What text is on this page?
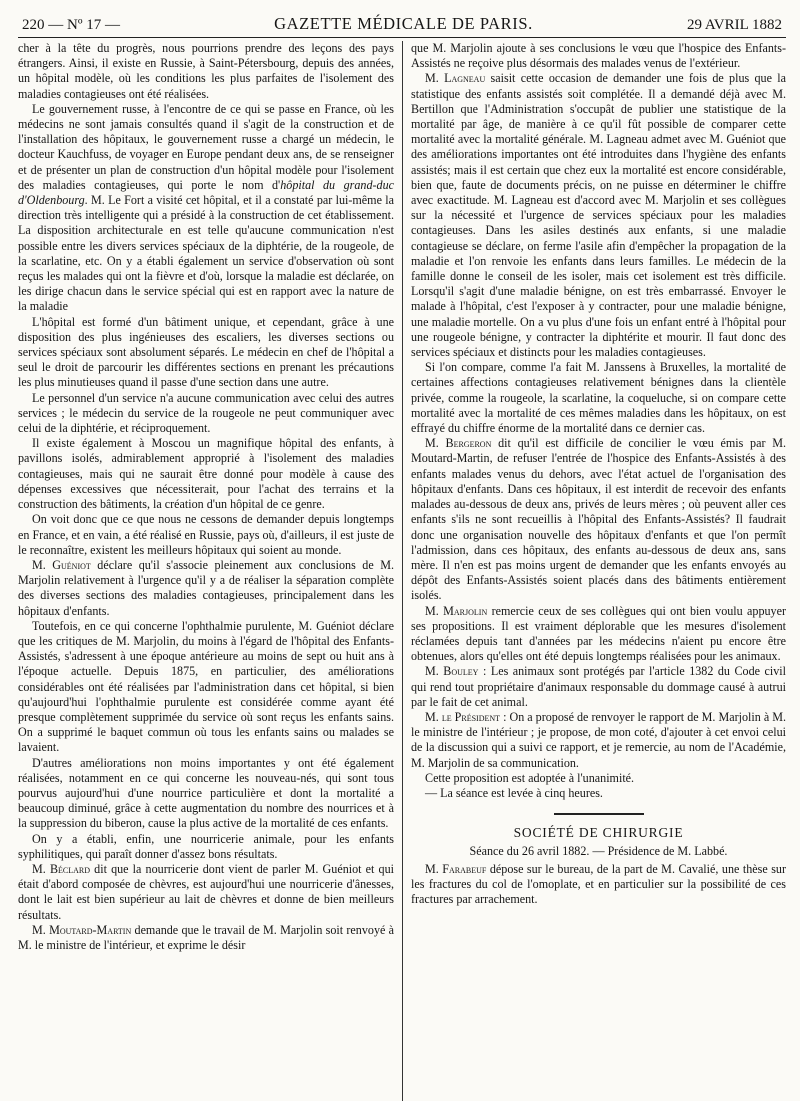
220 — Nº 17 —	GAZETTE MÉDICALE DE PARIS.	29 AVRIL 1882

cher à la tête du progrès, nous pourrions prendre des leçons des pays étrangers. Ainsi, il existe en Russie, à Saint-Pétersbourg, depuis des années, un hôpital modèle, où les conditions les plus parfaites de l'isolement des maladies contagieuses ont été réalisées.

Le gouvernement russe, à l'encontre de ce qui se passe en France, où les médecins ne sont jamais consultés quand il s'agit de la construction et de l'installation des hôpitaux, le gouvernement russe a chargé un médecin, le docteur Kauchfuss, de voyager en Europe pendant deux ans, de se renseigner et de présenter un plan de construction d'un hôpital modèle pour l'isolement des maladies contagieuses, qui porte le nom d'hôpital du grand-duc d'Oldenbourg. M. Le Fort a visité cet hôpital, et il a constaté par lui-même la direction très intelligente qui a présidé à la construction de cet établissement. La disposition architecturale en est telle qu'aucune communication n'est possible entre les divers services spéciaux de la diphtérie, de la rougeole, de la scarlatine, etc. On y a établi également un service d'observation où sont reçus les malades qui ont la fièvre et d'où, lorsque la maladie est déclarée, on les dirige chacun dans le service spécial qui est en rapport avec la nature de la maladie

L'hôpital est formé d'un bâtiment unique, et cependant, grâce à une disposition des plus ingénieuses des escaliers, les diverses sections ou services spéciaux sont absolument séparés. Le médecin en chef de l'hôpital a seul le droit de parcourir les différentes sections en prenant les précautions les plus minutieuses quand il passe d'une section dans une autre.

Le personnel d'un service n'a aucune communication avec celui des autres services ; le médecin du service de la rougeole ne peut communiquer avec celui de la diphtérie, et réciproquement.

Il existe également à Moscou un magnifique hôpital des enfants, à pavillons isolés, admirablement approprié à l'isolement des maladies contagieuses, mais qui ne saurait être donné pour modèle à cause des dépenses excessives que nécessiterait, pour l'achat des terrains et la construction des bâtiments, la création d'un hôpital de ce genre.

On voit donc que ce que nous ne cessons de demander depuis longtemps en France, et en vain, a été réalisé en Russie, pays où, d'ailleurs, il est juste de le reconnaître, existent les meilleurs hôpitaux qui soient au monde.

M. Guéniot déclare qu'il s'associe pleinement aux conclusions de M. Marjolin relativement à l'urgence qu'il y a de réaliser la séparation complète des diverses sections des maladies contagieuses, principalement dans les hôpitaux d'enfants.

Toutefois, en ce qui concerne l'ophthalmie purulente, M. Guéniot déclare que les critiques de M. Marjolin, du moins à l'égard de l'hôpital des Enfants-Assistés, s'adressent à une époque antérieure au moins de sept ou huit ans à l'époque actuelle. Depuis 1875, en particulier, des améliorations considérables ont été réalisées par l'administration dans cet hôpital, si bien qu'aujourd'hui l'ophthalmie purulente est considérée comme ayant été presque complètement supprimée du service où sont reçus les enfants sains. On a supprimé le baquet commun où tous les enfants sains ou malades se lavaient.

D'autres améliorations non moins importantes y ont été également réalisées, notamment en ce qui concerne les nouveau-nés, qui sont tous pourvus aujourd'hui d'une nourrice particulière et dont la mortalité a beaucoup diminué, grâce à cette augmentation du nombre des nourrices et à la suppression du biberon, cause la plus active de la mortalité de ces enfants.

On y a établi, enfin, une nourricerie animale, pour les enfants syphilitiques, qui paraît donner d'assez bons résultats.

M. Béclard dit que la nourricerie dont vient de parler M. Guéniot et qui était d'abord composée de chèvres, est aujourd'hui une nourricerie d'ânesses, dont le lait est bien supérieur au lait de chèvres et donne de bien meilleurs résultats.

M. Moutard-Martin demande que le travail de M. Marjolin soit renvoyé à M. le ministre de l'intérieur, et exprime le désir

que M. Marjolin ajoute à ses conclusions le vœu que l'hospice des Enfants-Assistés ne reçoive plus désormais des malades venus de l'extérieur.

M. Lagneau saisit cette occasion de demander une fois de plus que la statistique des enfants assistés soit complétée. Il a demandé déjà avec M. Bertillon que l'Administration s'occupât de publier une statistique de la mortalité par âge, de manière à ce qu'il fût possible de comparer cette mortalité avec la mortalité générale. M. Lagneau admet avec M. Guéniot que des améliorations importantes ont été introduites dans l'hygiène des enfants assistés; mais il est certain que chez eux la mortalité est encore considérable, bien que, faute de documents précis, on ne puisse en déterminer le chiffre avec exactitude. M. Lagneau est d'accord avec M. Marjolin et ses collègues sur la nécessité et l'urgence de services spéciaux pour les maladies contagieuses. Dans les asiles destinés aux enfants, si une maladie contagieuse se déclare, on ferme l'asile afin d'empêcher la propagation de la maladie et l'on renvoie les enfants dans leurs familles. Le médecin de la famille donne le conseil de les isoler, mais cet isolement est très difficile. Lorsqu'il s'agit d'une maladie bénigne, on est très embarrassé. Envoyer le malade à l'hôpital, c'est l'exposer à y contracter, pour une maladie bénigne, une maladie mortelle. On a vu plus d'une fois un enfant entré à l'hôpital pour une rougeole bénigne, y contracter la diphtérite et mourir. Il faut donc des services spéciaux et distincts pour les maladies contagieuses.

Si l'on compare, comme l'a fait M. Janssens à Bruxelles, la mortalité de certaines affections contagieuses relativement bénignes dans la clientèle privée, comme la rougeole, la scarlatine, la coqueluche, si on compare cette mortalité avec la mortalité de ces mêmes maladies dans les hôpitaux, on est effrayé du chiffre énorme de la mortalité dans ce dernier cas.

M. Bergeron dit qu'il est difficile de concilier le vœu émis par M. Moutard-Martin, de refuser l'entrée de l'hospice des Enfants-Assistés à des enfants malades venus du dehors, avec l'état actuel de l'organisation des hôpitaux d'enfants. Dans ces hôpitaux, il est interdit de recevoir des enfants malades au-dessous de deux ans, privés de leurs mères ; où peuvent aller ces enfants s'ils ne sont recueillis à l'hôpital des Enfants-Assistés? Il faudrait donc une organisation nouvelle des hôpitaux d'enfants et que l'on permît l'admission, dans ces hôpitaux, des enfants au-dessous de deux ans, sans mère. Il n'en est pas moins urgent de demander que les enfants envoyés au dépôt des Enfants-Assistés soient placés dans des bâtiments entièrement isolés.

M. Marjolin remercie ceux de ses collègues qui ont bien voulu appuyer ses propositions. Il est vraiment déplorable que les mesures d'isolement réclamées depuis tant d'années par les médecins n'aient pu encore être obtenues, alors qu'elles ont été depuis longtemps réalisées pour les animaux.

M. Bouley : Les animaux sont protégés par l'article 1382 du Code civil qui rend tout propriétaire d'animaux responsable du dommage causé à autrui par le fait de cet animal.

M. le Président : On a proposé de renvoyer le rapport de M. Marjolin à M. le ministre de l'intérieur ; je propose, de mon coté, d'ajouter à cet envoi celui de la discussion qui a suivi ce rapport, et je remercie, au nom de l'Académie, M. Marjolin de sa communication.

Cette proposition est adoptée à l'unanimité.

— La séance est levée à cinq heures.

SOCIÉTÉ DE CHIRURGIE
Séance du 26 avril 1882. — Présidence de M. Labbé.

M. Farabeuf dépose sur le bureau, de la part de M. Cavalié, une thèse sur les fractures du col de l'omoplate, et en particulier sur la possibilité de ces fractures par arrachement.
